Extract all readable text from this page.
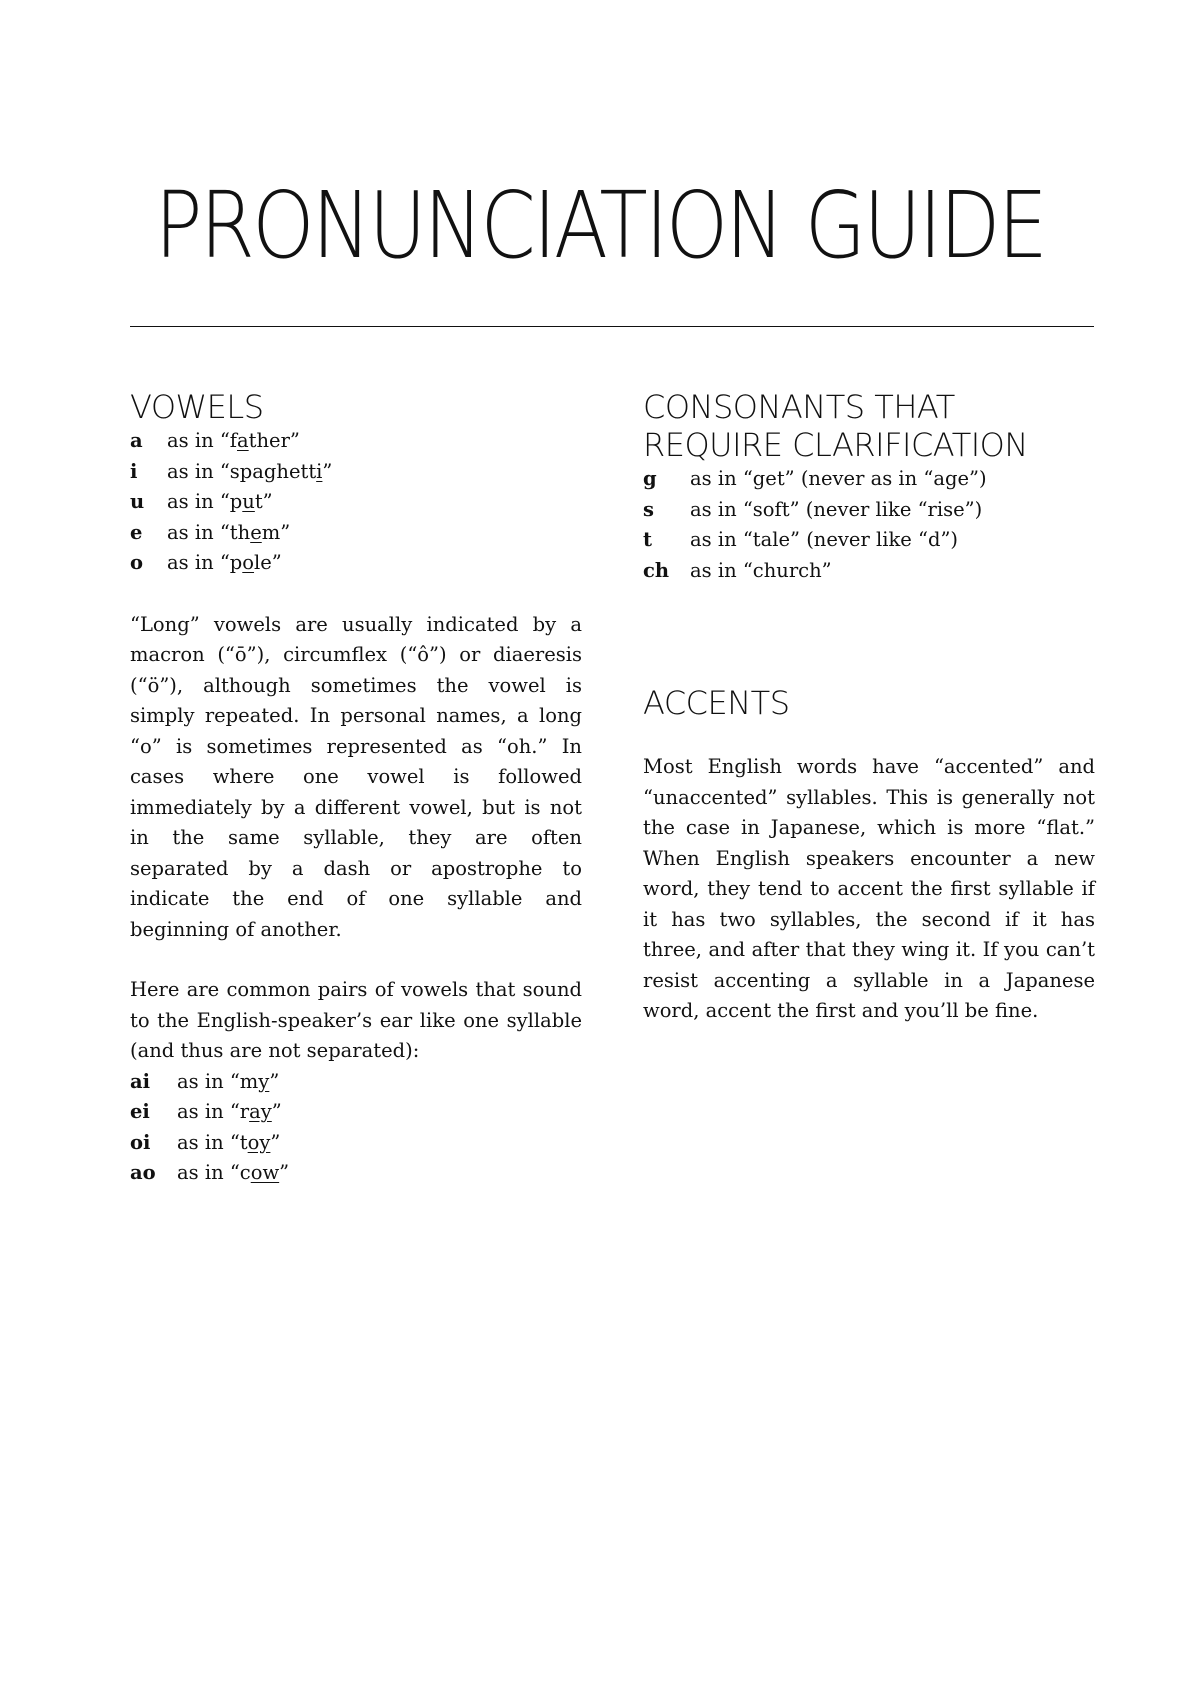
PRONUNCIATION GUIDE
VOWELS
a	as in “father”
i	as in “spaghetti”
u	as in “put”
e	as in “them”
o	as in “pole”

“Long” vowels are usually indicated by a macron (“ō”), circumflex (“ô”) or diaeresis (“ö”), although sometimes the vowel is simply repeated. In personal names, a long “o” is sometimes represented as “oh.” In cases where one vowel is followed immediately by a different vowel, but is not in the same syllable, they are often separated by a dash or apostrophe to indicate the end of one syllable and beginning of another.

Here are common pairs of vowels that sound to the English-speaker’s ear like one syllable (and thus are not separated):

ai	as in “my”
ei	as in “ray”
oi	as in “toy”
ao	as in “cow”
CONSONANTS THAT
REQUIRE CLARIFICATION
g	as in “get” (never as in “age”)
s	as in “soft” (never like “rise”)
t	as in “tale” (never like “d”)
ch	as in “church”
ACCENTS

Most English words have “accented” and “unaccented” syllables. This is generally not the case in Japanese, which is more “flat.” When English speakers encounter a new word, they tend to accent the first syllable if it has two syllables, the second if it has three, and after that they wing it. If you can’t resist accenting a syllable in a Japanese word, accent the first and you’ll be fine.
